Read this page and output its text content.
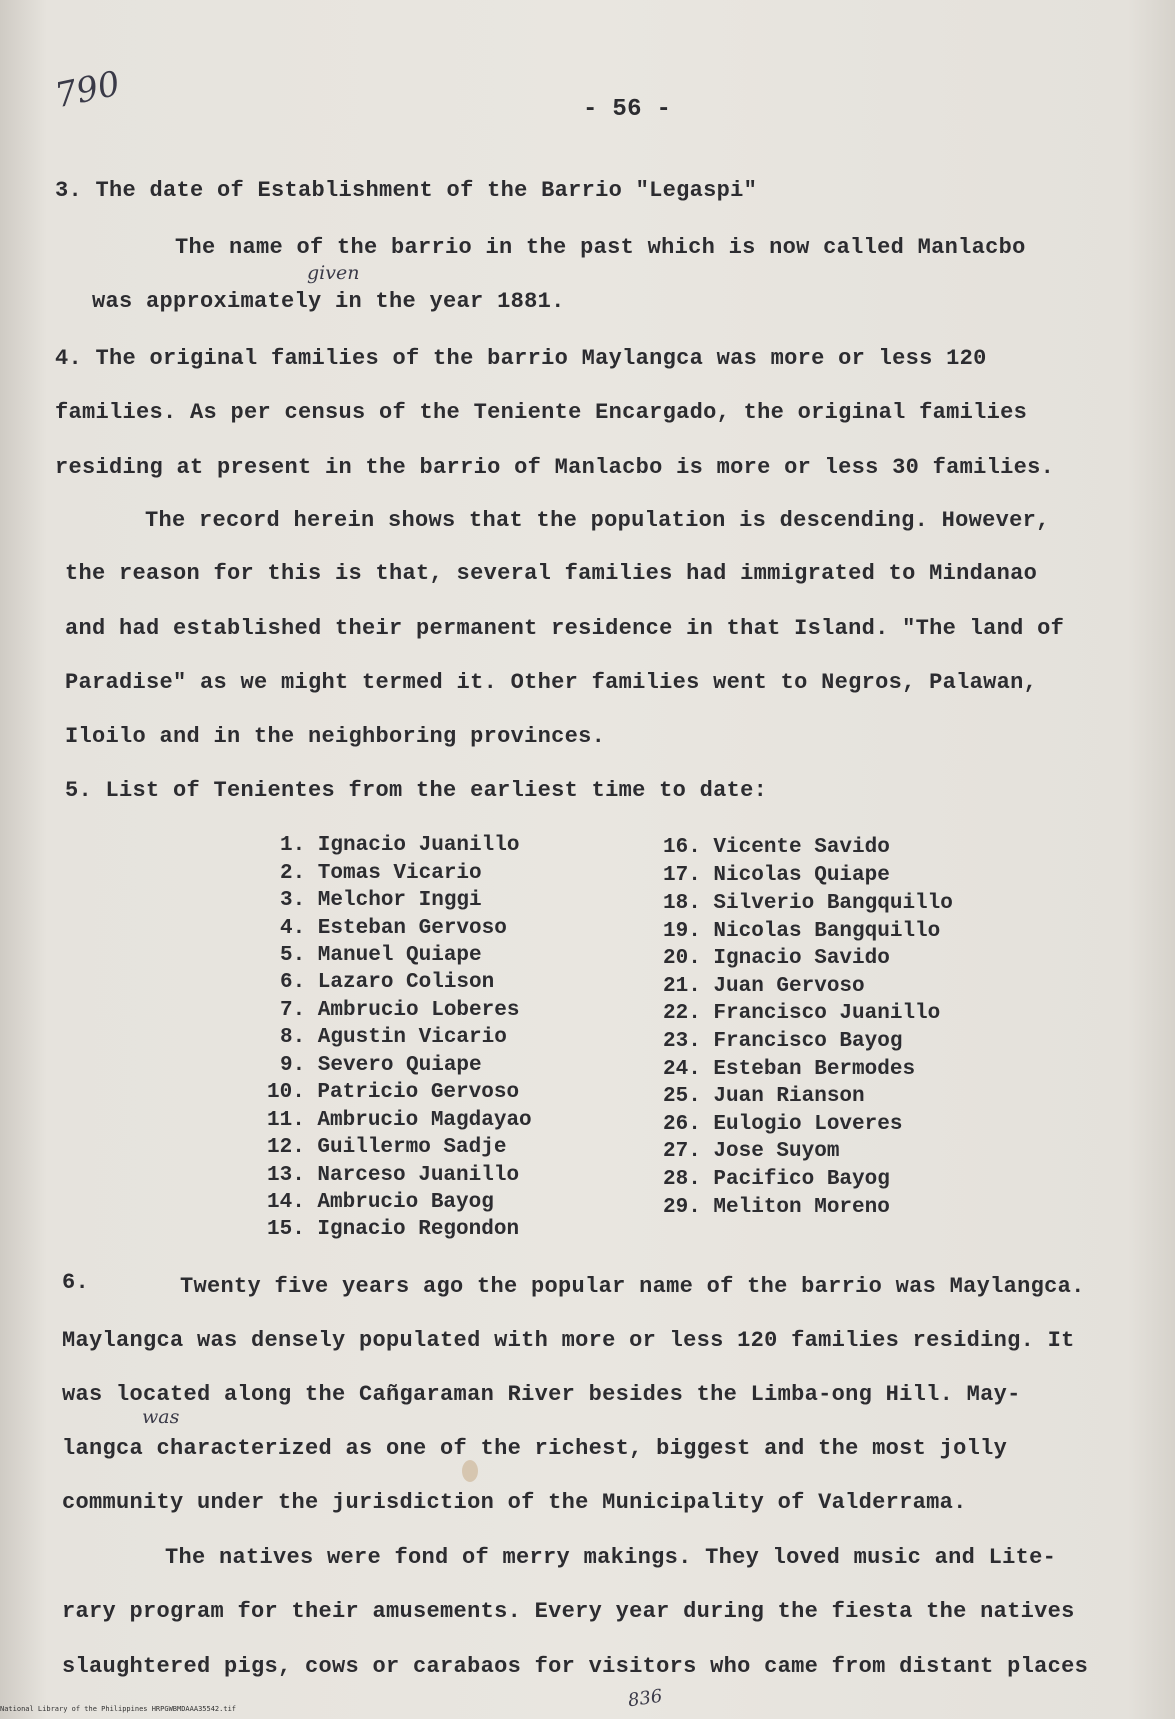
790	- 56 -
3. The date of Establishment of the Barrio "Legaspi"
The name of the barrio in the past which is now called Manlacbo
given
was approximately in the year 1881.
4. The original families of the barrio Maylangca was more or less 120
families. As per census of the Teniente Encargado, the original families
residing at present in the barrio of Manlacbo is more or less 30 families.
The record herein shows that the population is descending. However,
the reason for this is that, several families had immigrated to Mindanao
and had established their permanent residence in that Island. "The land of
Paradise" as we might termed it. Other families went to Negros, Palawan,
Iloilo and in the neighboring provinces.
5. List of Tenientes from the earliest time to date:
1. Ignacio Juanillo
2. Tomas Vicario
3. Melchor Inggi
4. Esteban Gervoso
5. Manuel Quiape
6. Lazaro Colison
7. Ambrucio Loberes
8. Agustin Vicario
9. Severo Quiape
10. Patricio Gervoso
11. Ambrucio Magdayao
12. Guillermo Sadje
13. Narceso Juanillo
14. Ambrucio Bayog
15. Ignacio Regondon
16. Vicente Savido
17. Nicolas Quiape
18. Silverio Bangquillo
19. Nicolas Bangquillo
20. Ignacio Savido
21. Juan Gervoso
22. Francisco Juanillo
23. Francisco Bayog
24. Esteban Bermodes
25. Juan Rianson
26. Eulogio Loveres
27. Jose Suyom
28. Pacifico Bayog
29. Meliton Moreno
6.	Twenty five years ago the popular name of the barrio was Maylangca.
Maylangca was densely populated with more or less 120 families residing. It
was located along the Cañgaraman River besides the Limba-ong Hill. May-
was
langca characterized as one of the richest, biggest and the most jolly
community under the jurisdiction of the Municipality of Valderrama.
The natives were fond of merry makings. They loved music and Lite-
rary program for their amusements. Every year during the fiesta the natives
slaughtered pigs, cows or carabaos for visitors who came from distant places
836
National Library of the Philippines HRPGWBMDAAA35542.tif
